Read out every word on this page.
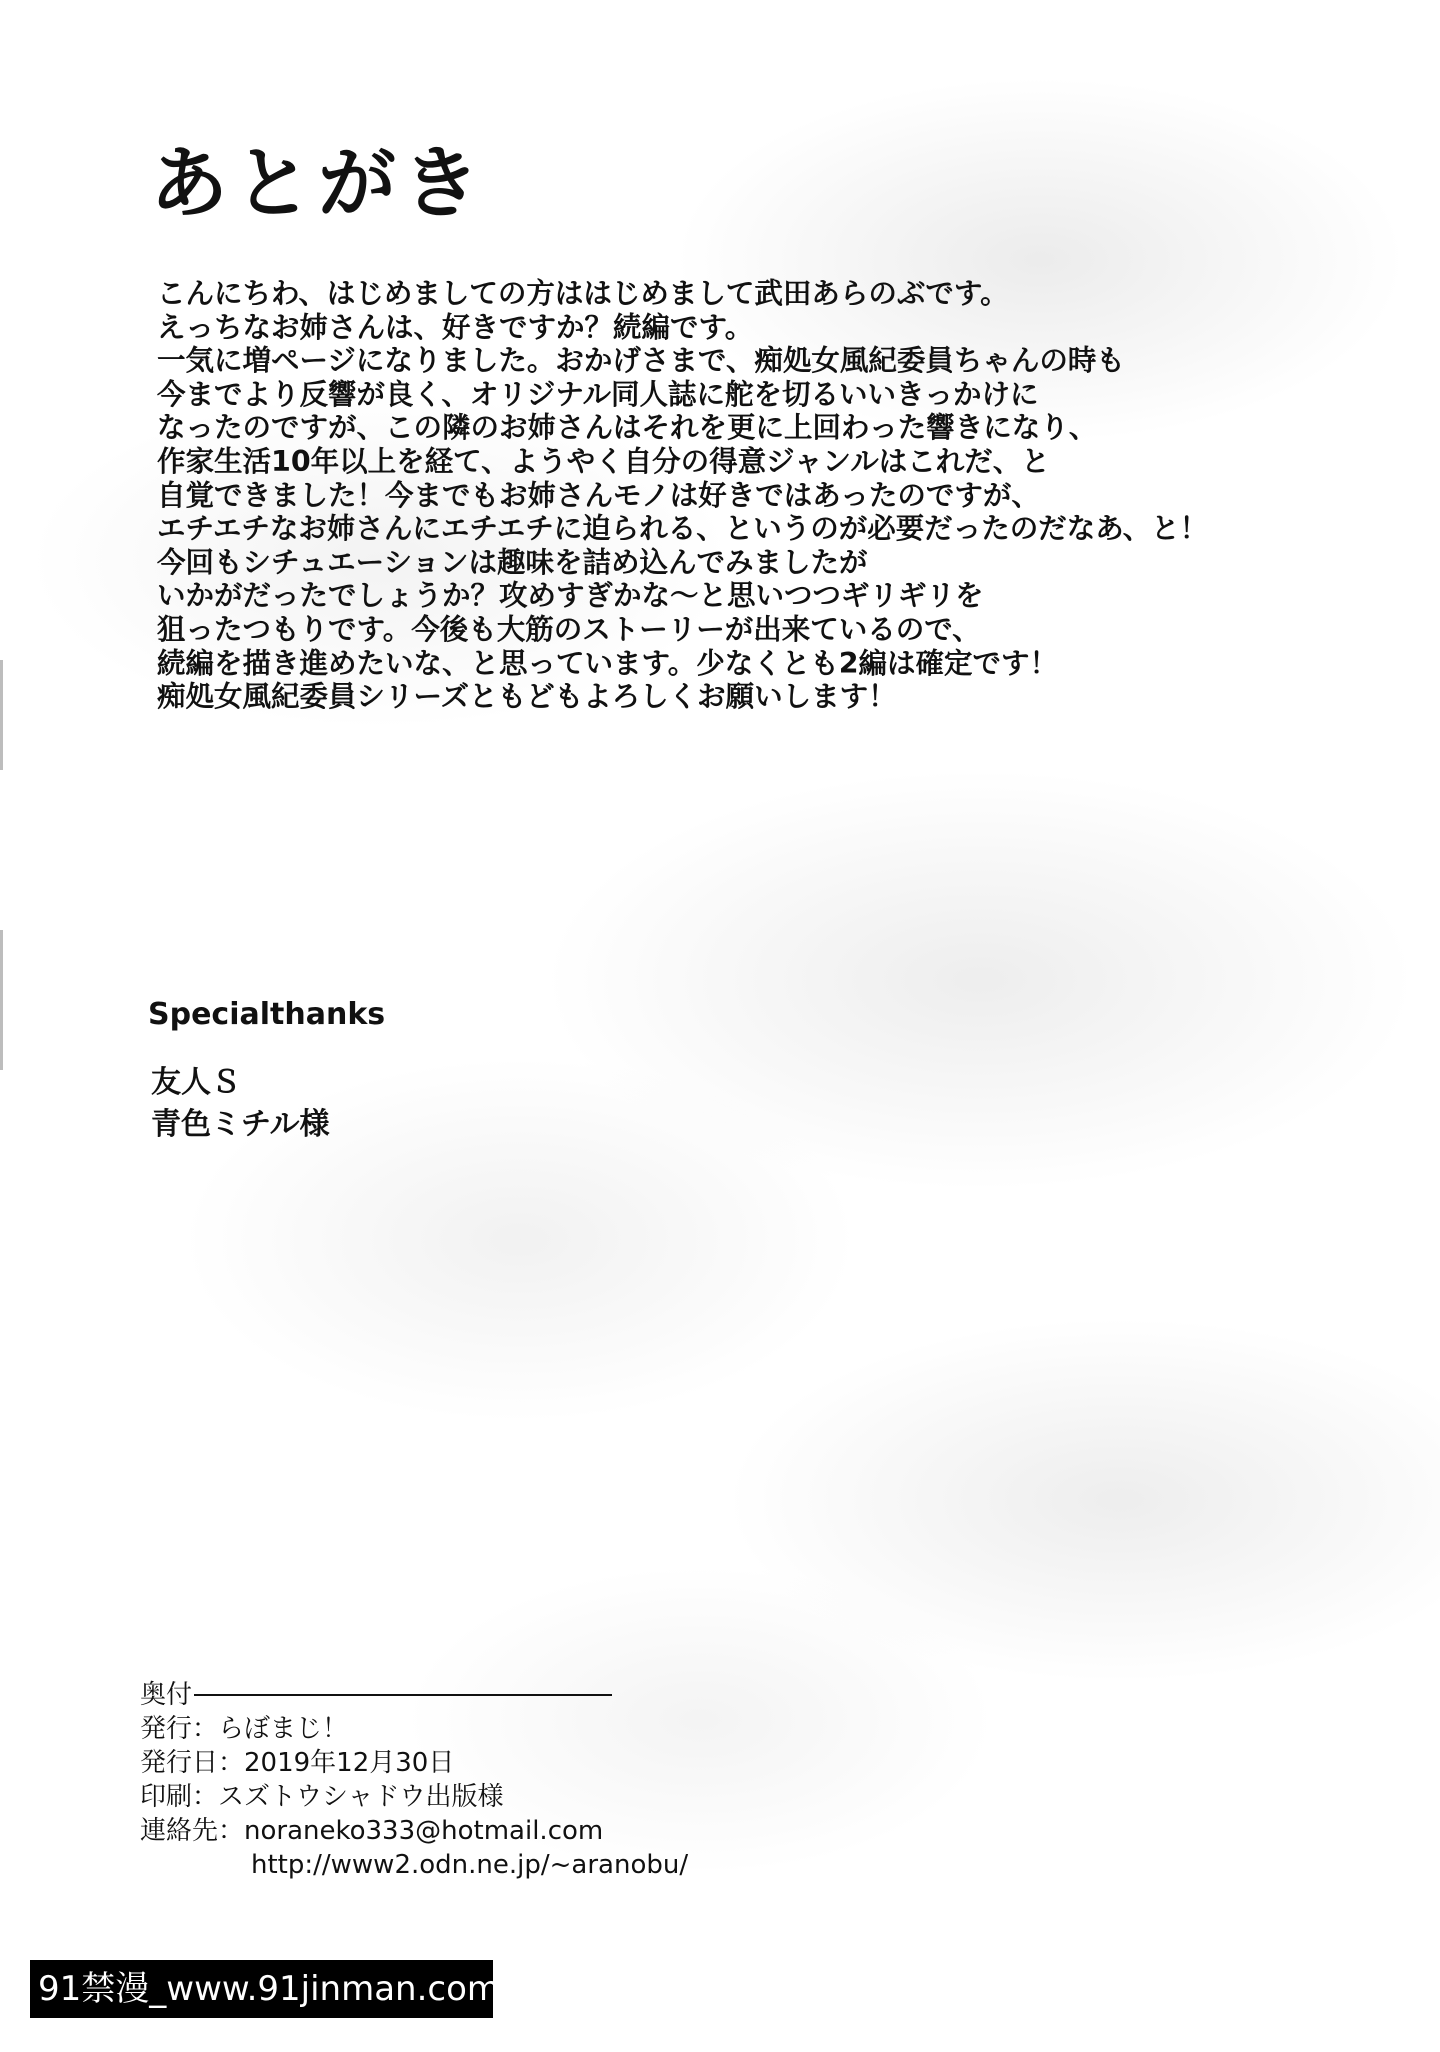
あとがき
こんにちわ、はじめましての方ははじめまして武田あらのぶです。
えっちなお姉さんは、好きですか？続編です。
一気に増ページになりました。おかげさまで、痴処女風紀委員ちゃんの時も
今までより反響が良く、オリジナル同人誌に舵を切るいいきっかけに
なったのですが、この隣のお姉さんはそれを更に上回わった響きになり、
作家生活10年以上を経て、ようやく自分の得意ジャンルはこれだ、と
自覚できました！今までもお姉さんモノは好きではあったのですが、
エチエチなお姉さんにエチエチに迫られる、というのが必要だったのだなあ、と！
今回もシチュエーションは趣味を詰め込んでみましたが
いかがだったでしょうか？攻めすぎかな～と思いつつギリギリを
狙ったつもりです。今後も大筋のストーリーが出来ているので、
続編を描き進めたいな、と思っています。少なくとも2編は確定です！
痴処女風紀委員シリーズともどもよろしくお願いします！
Specialthanks
友人Ｓ
青色ミチル様
奥付
発行：らぼまじ！
発行日：2019年12月30日
印刷：スズトウシャドウ出版様
連絡先：noraneko333@hotmail.com
http://www2.odn.ne.jp/~aranobu/
91禁漫_www.91jinman.com
